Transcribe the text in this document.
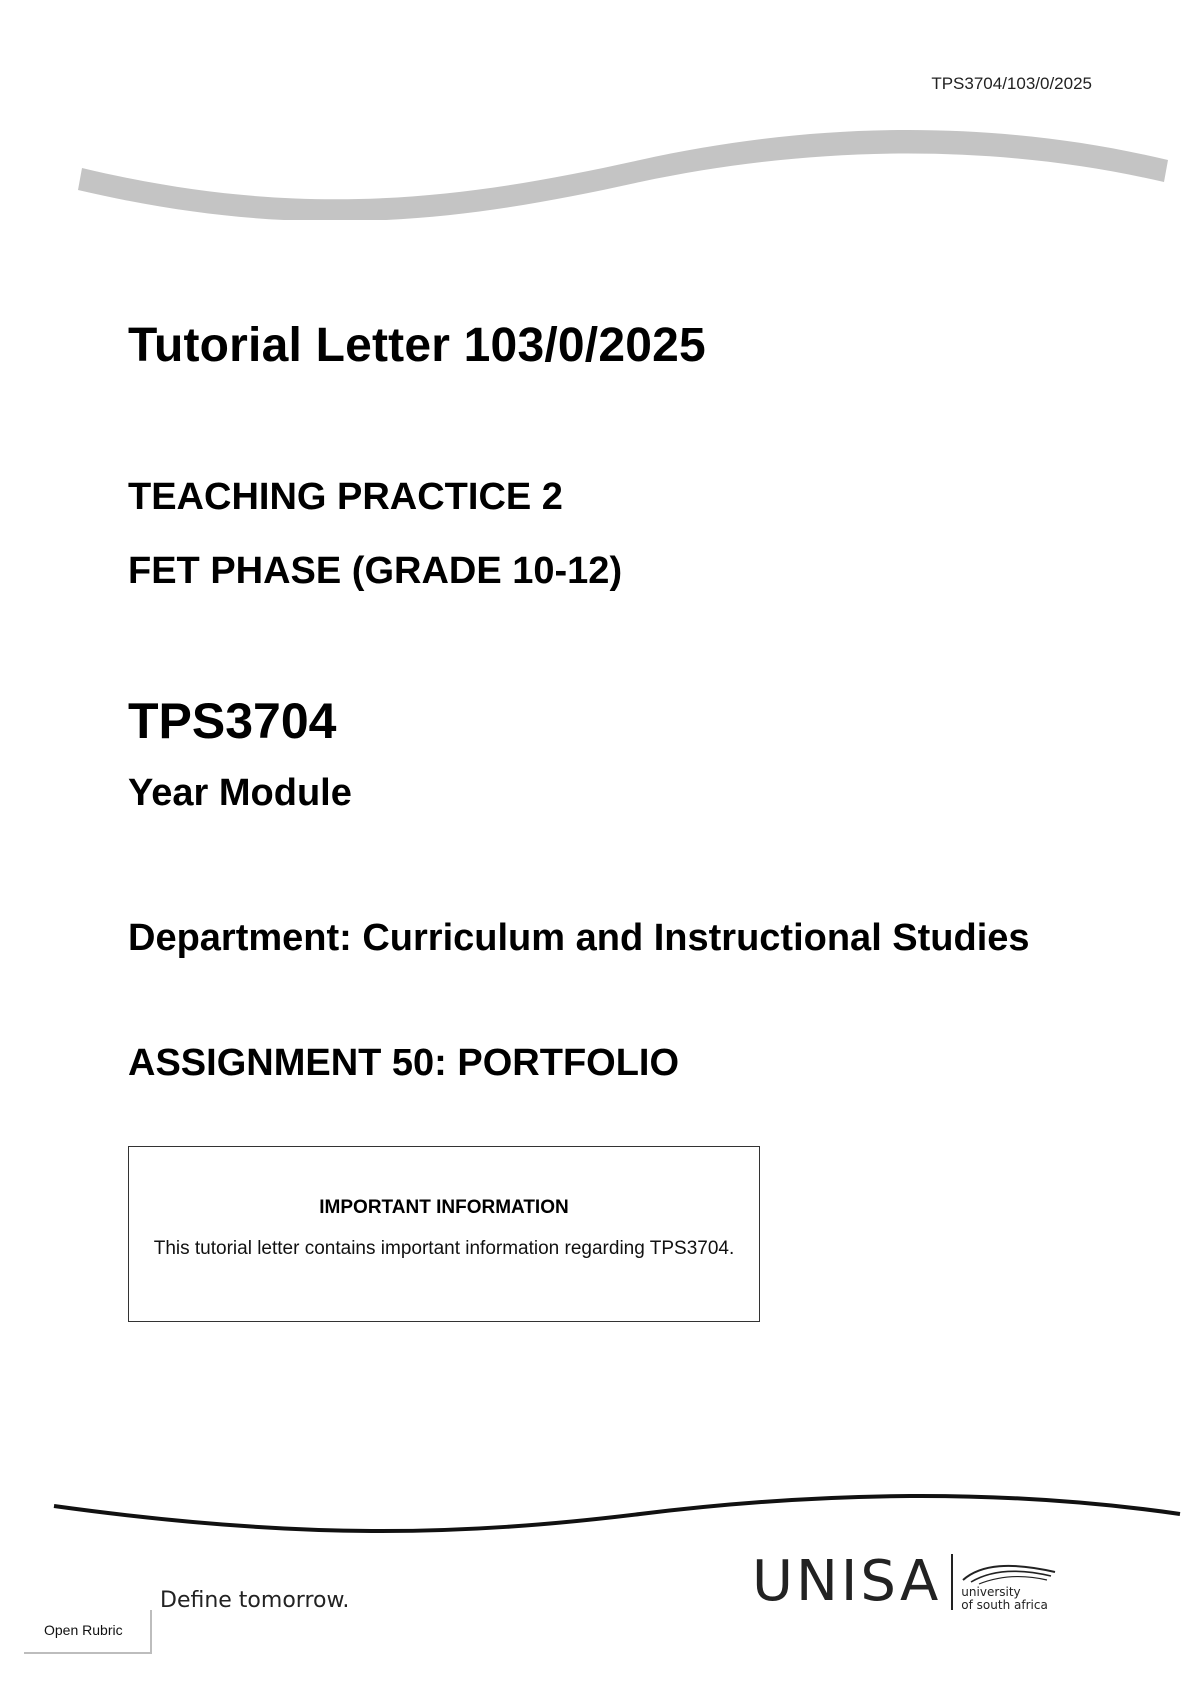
TPS3704/103/0/2025
Tutorial Letter 103/0/2025
TEACHING PRACTICE 2
FET PHASE (GRADE 10-12)
TPS3704
Year Module
Department: Curriculum and Instructional Studies
ASSIGNMENT 50: PORTFOLIO
IMPORTANT INFORMATION
This tutorial letter contains important information regarding TPS3704.
Define tomorrow.
Open Rubric
UNISA university
of south africa
